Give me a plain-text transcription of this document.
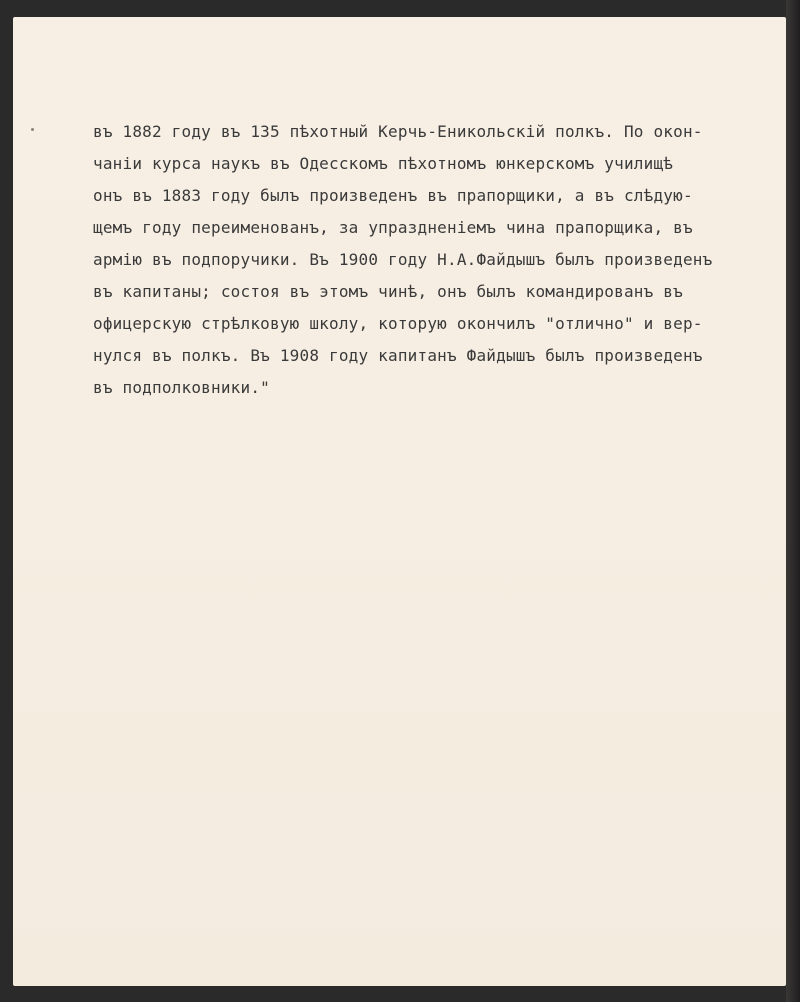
въ 1882 году въ 135 пѣхотный Керчь-Еникольскiй полкъ. По окон-
чанiи курса наукъ въ Одесскомъ пѣхотномъ юнкерскомъ училищѣ
онъ въ 1883 году былъ произведенъ въ прапорщики, а въ слѣдую-
щемъ году переименованъ, за упраздненiемъ чина прапорщика, въ
армiю въ подпоручики. Въ 1900 году Н.А.Файдышъ былъ произведенъ
въ капитаны; состоя въ этомъ чинѣ, онъ былъ командированъ въ
офицерскую стрѣлковую школу, которую окончилъ "отлично" и вер-
нулся въ полкъ. Въ 1908 году капитанъ Файдышъ былъ произведенъ
въ подполковники."
